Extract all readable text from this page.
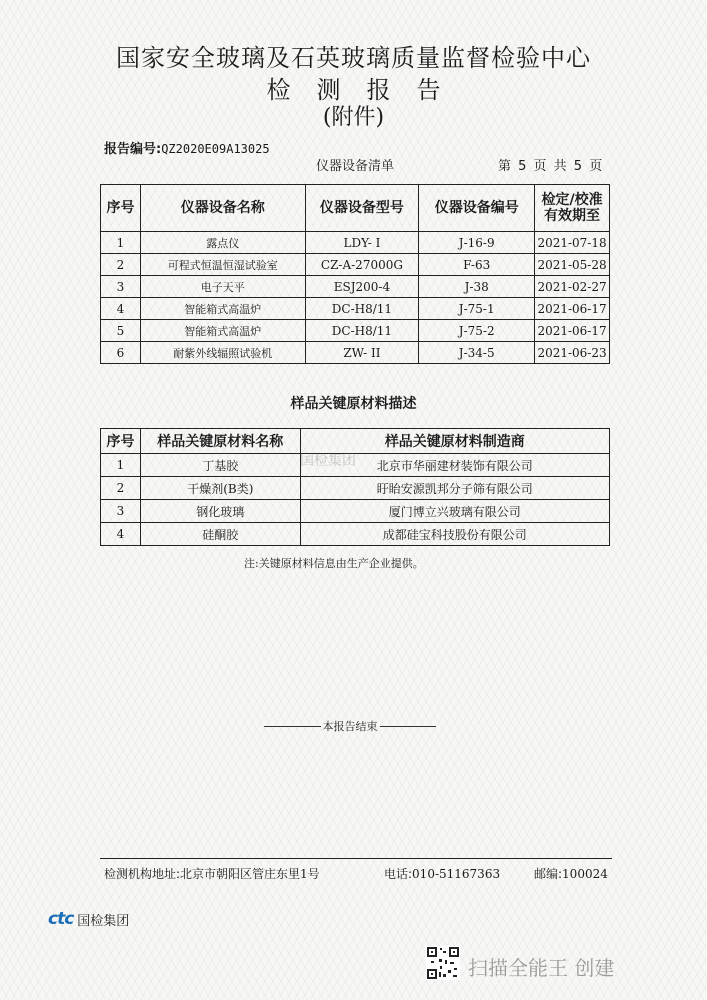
国家安全玻璃及石英玻璃质量监督检验中心
检测报告
(附件)
报告编号:QZ2020E09A13025
仪器设备清单	第 5 页 共 5 页
序号	仪器设备名称	仪器设备型号	仪器设备编号	检定/校准有效期至
1	露点仪	LDY- I	J-16-9	2021-07-18
2	可程式恒温恒湿试验室	CZ-A-27000G	F-63	2021-05-28
3	电子天平	ESJ200-4	J-38	2021-02-27
4	智能箱式高温炉	DC-H8/11	J-75-1	2021-06-17
5	智能箱式高温炉	DC-H8/11	J-75-2	2021-06-17
6	耐紫外线辐照试验机	ZW- II	J-34-5	2021-06-23
样品关键原材料描述
序号	样品关键原材料名称	样品关键原材料制造商
1	丁基胶	北京市华丽建材装饰有限公司
2	干燥剂(B类)	盱眙安源凯邦分子筛有限公司
3	钢化玻璃	厦门博立兴玻璃有限公司
4	硅酮胶	成都硅宝科技股份有限公司
国检集团
注:关键原材料信息由生产企业提供。
本报告结束
检测机构地址:北京市朝阳区管庄东里1号	电话:010-51167363	邮编:100024
ctc 国检集团
扫描全能王 创建
